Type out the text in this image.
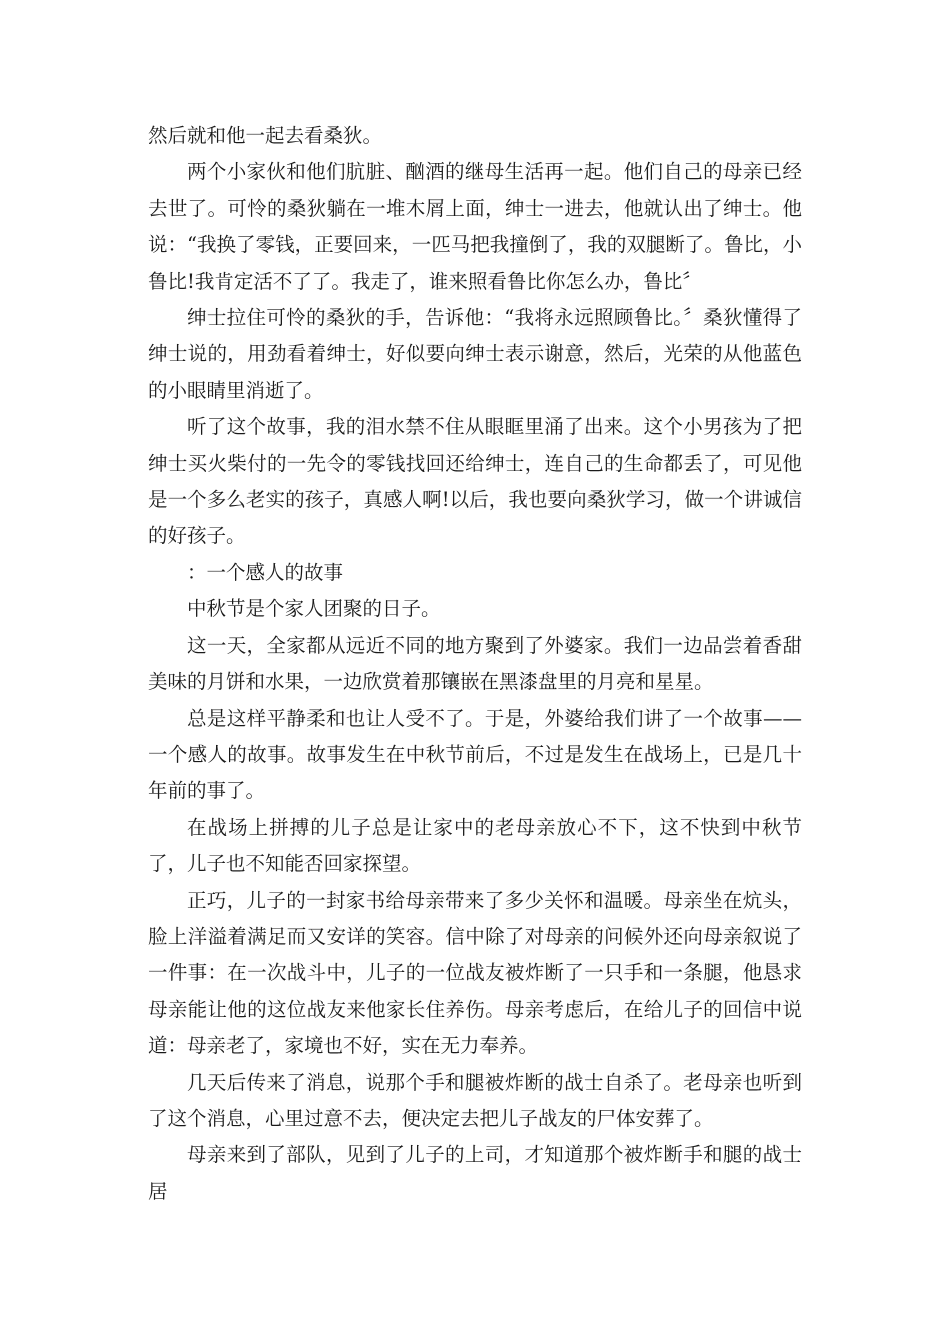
然后就和他一起去看桑狄。

两个小家伙和他们肮脏、酗酒的继母生活再一起。他们自己的母亲已经去世了。可怜的桑狄躺在一堆木屑上面，绅士一进去，他就认出了绅士。他说：“我换了零钱，正要回来，一匹马把我撞倒了，我的双腿断了。鲁比，小鲁比!我肯定活不了了。我走了，谁来照看鲁比你怎么办，鲁比〞

绅士拉住可怜的桑狄的手，告诉他：“我将永远照顾鲁比。〞桑狄懂得了绅士说的，用劲看着绅士，好似要向绅士表示谢意，然后，光荣的从他蓝色的小眼睛里消逝了。

听了这个故事，我的泪水禁不住从眼眶里涌了出来。这个小男孩为了把绅士买火柴付的一先令的零钱找回还给绅士，连自己的生命都丢了，可见他是一个多么老实的孩子，真感人啊!以后，我也要向桑狄学习，做一个讲诚信的好孩子。

：一个感人的故事

中秋节是个家人团聚的日子。

这一天，全家都从远近不同的地方聚到了外婆家。我们一边品尝着香甜美味的月饼和水果，一边欣赏着那镶嵌在黑漆盘里的月亮和星星。

总是这样平静柔和也让人受不了。于是，外婆给我们讲了一个故事——一个感人的故事。故事发生在中秋节前后，不过是发生在战场上，已是几十年前的事了。

在战场上拼搏的儿子总是让家中的老母亲放心不下，这不快到中秋节了，儿子也不知能否回家探望。

正巧，儿子的一封家书给母亲带来了多少关怀和温暖。母亲坐在炕头，脸上洋溢着满足而又安详的笑容。信中除了对母亲的问候外还向母亲叙说了一件事：在一次战斗中，儿子的一位战友被炸断了一只手和一条腿，他恳求母亲能让他的这位战友来他家长住养伤。母亲考虑后，在给儿子的回信中说道：母亲老了，家境也不好，实在无力奉养。

几天后传来了消息，说那个手和腿被炸断的战士自杀了。老母亲也听到了这个消息，心里过意不去，便决定去把儿子战友的尸体安葬了。

母亲来到了部队，见到了儿子的上司，才知道那个被炸断手和腿的战士居
